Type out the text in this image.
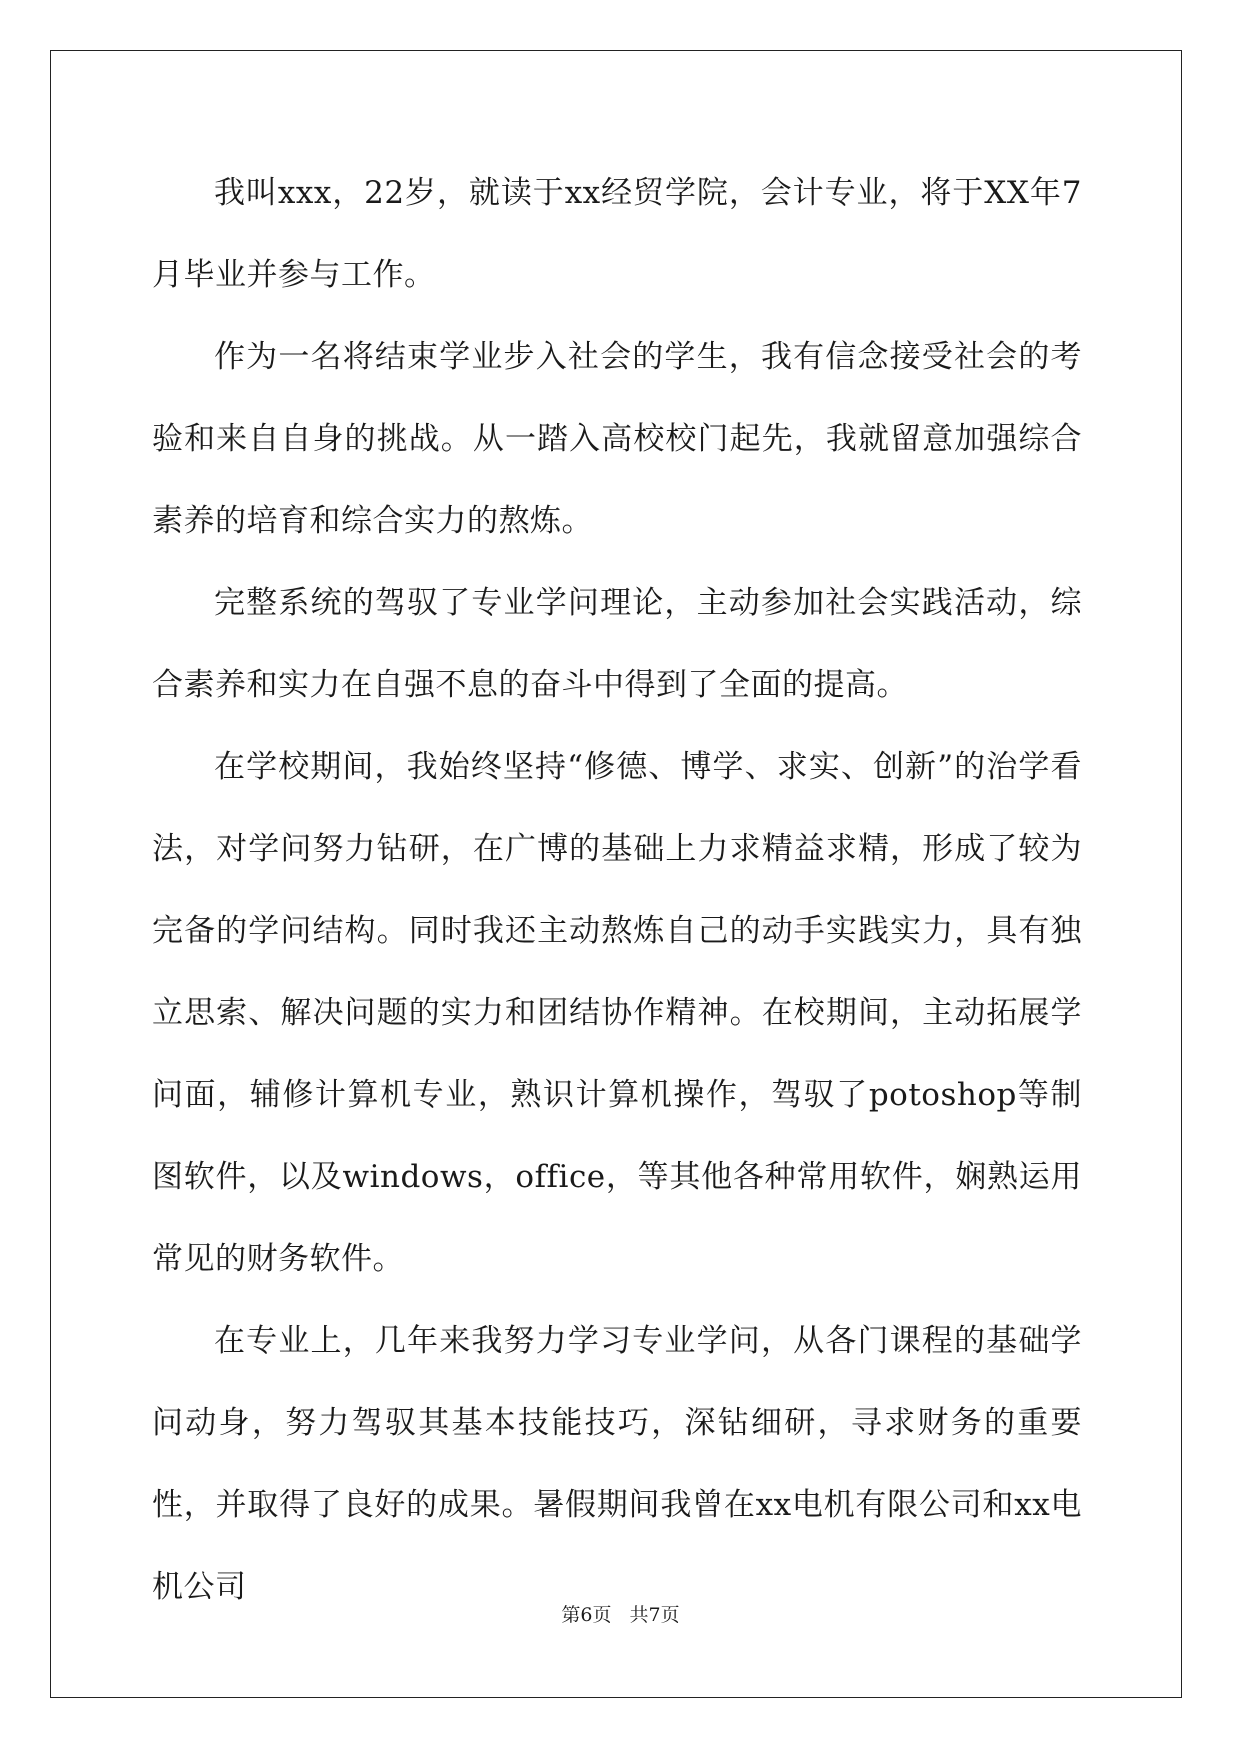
我叫xxx，22岁，就读于xx经贸学院，会计专业，将于XX年7月毕业并参与工作。

作为一名将结束学业步入社会的学生，我有信念接受社会的考验和来自自身的挑战。从一踏入高校校门起先，我就留意加强综合素养的培育和综合实力的熬炼。

完整系统的驾驭了专业学问理论，主动参加社会实践活动，综合素养和实力在自强不息的奋斗中得到了全面的提高。

在学校期间，我始终坚持“修德、博学、求实、创新”的治学看法，对学问努力钻研，在广博的基础上力求精益求精，形成了较为完备的学问结构。同时我还主动熬炼自己的动手实践实力，具有独立思索、解决问题的实力和团结协作精神。在校期间，主动拓展学问面，辅修计算机专业，熟识计算机操作，驾驭了potoshop等制图软件，以及windows，office，等其他各种常用软件，娴熟运用常见的财务软件。

在专业上，几年来我努力学习专业学问，从各门课程的基础学问动身，努力驾驭其基本技能技巧，深钻细研，寻求财务的重要性，并取得了良好的成果。暑假期间我曾在xx电机有限公司和xx电机公司

第6页 共7页
